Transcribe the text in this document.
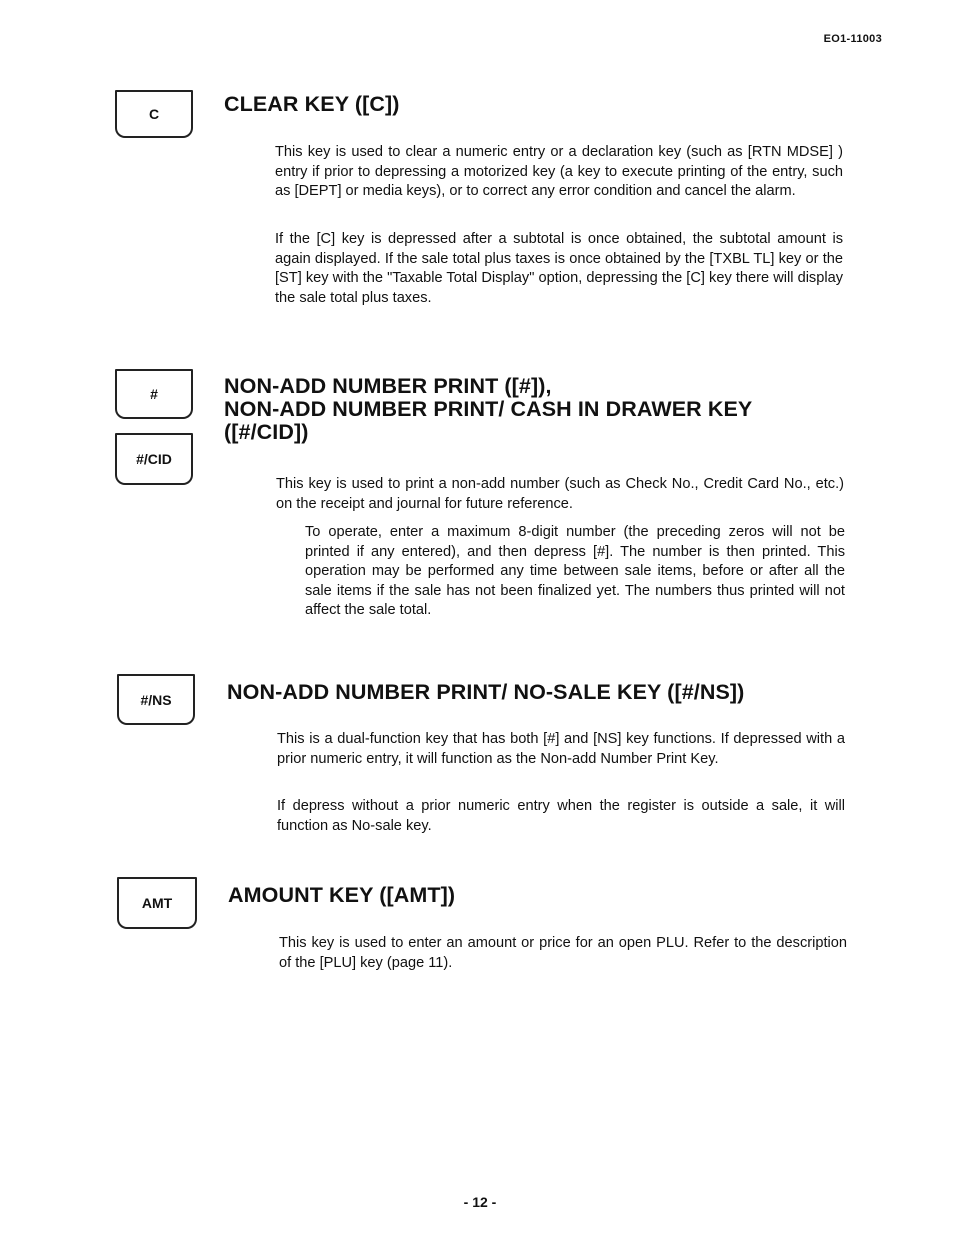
EO1-11003
C	CLEAR KEY ([C])

This key is used to clear a numeric entry or a declaration key (such as [RTN MDSE] ) entry if prior to depressing a motorized key (a key to execute printing of the entry, such as [DEPT] or media keys), or to correct any error condition and cancel the alarm.

If the [C] key is depressed after a subtotal is once obtained, the subtotal amount is again displayed. If the sale total plus taxes is once obtained by the [TXBL TL] key or the [ST] key with the "Taxable Total Display" option, depressing the [C] key there will display the sale total plus taxes.

#
#/CID
NON-ADD NUMBER PRINT ([#]),
NON-ADD NUMBER PRINT/ CASH IN DRAWER KEY
([#/CID])

This key is used to print a non-add number (such as Check No., Credit Card No., etc.) on the receipt and journal for future reference.

To operate, enter a maximum 8-digit number (the preceding zeros will not be printed if any entered), and then depress [#]. The number is then printed. This operation may be performed any time between sale items, before or after all the sale items if the sale has not been finalized yet. The numbers thus printed will not affect the sale total.

#/NS	NON-ADD NUMBER PRINT/ NO-SALE KEY ([#/NS])

This is a dual-function key that has both [#] and [NS] key functions. If depressed with a prior numeric entry, it will function as the Non-add Number Print Key.

If depress without a prior numeric entry when the register is outside a sale, it will function as No-sale key.

AMT	AMOUNT KEY ([AMT])

This key is used to enter an amount or price for an open PLU. Refer to the description of the [PLU] key (page 11).

- 12 -
